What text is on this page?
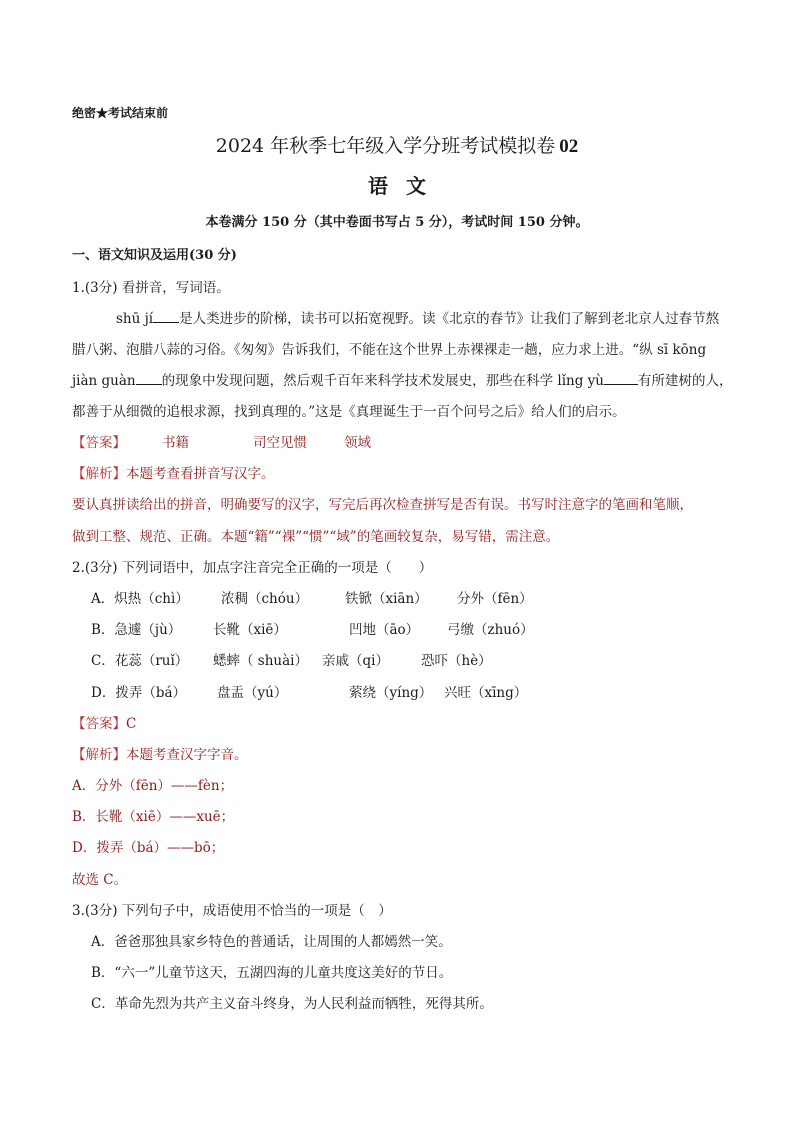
绝密★考试结束前
2024 年秋季七年级入学分班考试模拟卷 02
语文
本卷满分 150 分（其中卷面书写占 5 分），考试时间 150 分钟。
一、语文知识及运用(30 分)
1.(3分) 看拼音，写词语。
shū jí 是人类进步的阶梯，读书可以拓宽视野。读《北京的春节》让我们了解到老北京人过春节熬
腊八粥、泡腊八蒜的习俗。《匆匆》告诉我们，不能在这个世界上赤裸裸走一趟，应力求上进。“纵 sī kōng
jiàn guàn 的现象中发现问题，然后观千百年来科学技术发展史，那些在科学 lǐng yù	有所建树的人，
都善于从细微的追根求源，找到真理的。”这是《真理诞生于一百个问号之后》给人们的启示。
【答案】	书籍	司空见惯	领域
【解析】本题考查看拼音写汉字。
要认真拼读给出的拼音，明确要写的汉字，写完后再次检查拼写是否有误。书写时注意字的笔画和笔顺，
做到工整、规范、正确。本题“籍”“裸”“惯”“域”的笔画较复杂，易写错，需注意。
2.(3分) 下列词语中，加点字注音完全正确的一项是（　　）
A．炽热（chì） 浓稠（chóu）	铁锨（xiān） 分外（fēn）
B．急遽（jù） 长靴（xiē）	凹地（āo） 弓缴（zhuó）
C．花蕊（ruǐ） 蟋蟀（ shuài） 亲戚（qi） 恐吓（hè）
D．拨弄（bá） 盘盂（yú）	萦绕（yíng） 兴旺（xīng）
【答案】C
【解析】本题考查汉字字音。
A．分外（fēn）——fèn；
B．长靴（xiē）——xuē；
D．拨弄（bá）——bō；
故选 C。
3.(3分) 下列句子中，成语使用不恰当的一项是（　）
A．爸爸那独具家乡特色的普通话，让周围的人都嫣然一笑。
B．“六一”儿童节这天，五湖四海的儿童共度这美好的节日。
C．革命先烈为共产主义奋斗终身，为人民利益而牺牲，死得其所。
